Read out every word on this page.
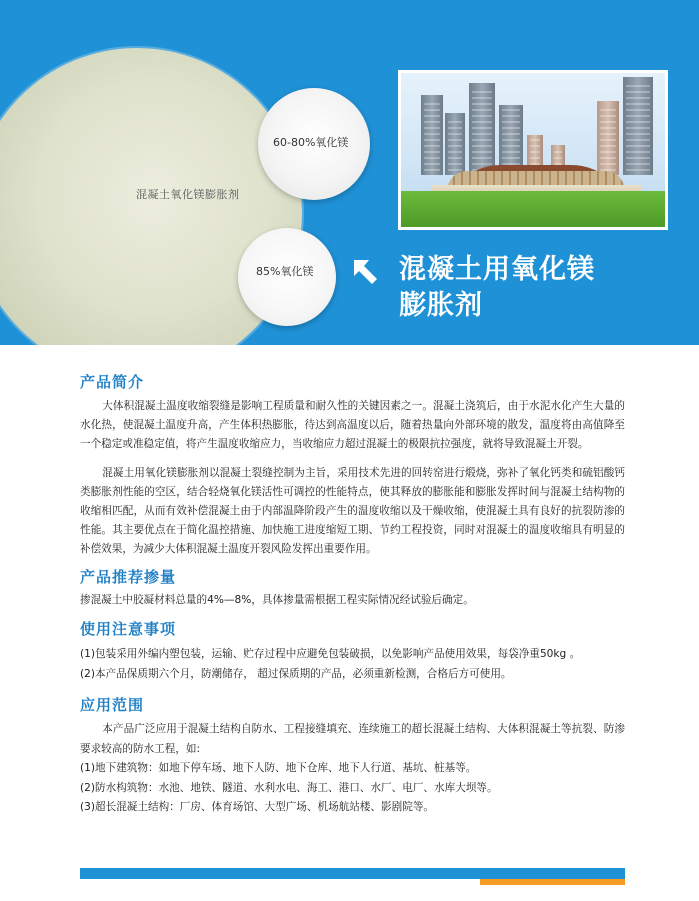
混凝土氧化镁膨胀剂
60-80%氧化镁
85%氧化镁	混凝土用氧化镁
膨胀剂
产品简介
大体积混凝土温度收缩裂缝是影响工程质量和耐久性的关键因素之一。混凝土浇筑后，由于水泥水化产生大量的水化热，使混凝土温度升高，产生体积热膨胀，待达到高温度以后，随着热量向外部环境的散发，温度将由高值降至一个稳定或准稳定值，将产生温度收缩应力，当收缩应力超过混凝土的极限抗拉强度，就将导致混凝土开裂。
混凝土用氧化镁膨胀剂以混凝土裂缝控制为主旨，采用技术先进的回转窑进行煅烧，弥补了氧化钙类和硫铝酸钙类膨胀剂性能的空区，结合轻烧氧化镁活性可调控的性能特点，使其释放的膨胀能和膨胀发挥时间与混凝土结构物的收缩相匹配，从而有效补偿混凝土由于内部温降阶段产生的温度收缩以及干燥收缩，使混凝土具有良好的抗裂防渗的性能。其主要优点在于简化温控措施、加快施工进度缩短工期、节约工程投资，同时对混凝土的温度收缩具有明显的补偿效果，为减少大体积混凝土温度开裂风险发挥出重要作用。
产品推荐掺量
掺混凝土中胶凝材料总量的4%—8%，具体掺量需根据工程实际情况经试验后确定。
使用注意事项
(1)包装采用外编内塑包装，运输、贮存过程中应避免包装破损，以免影响产品使用效果，每袋净重50kg 。
(2)本产品保质期六个月，防潮储存， 超过保质期的产品，必须重新检测，合格后方可使用。
应用范围
本产品广泛应用于混凝土结构自防水、工程接缝填充、连续施工的超长混凝土结构、大体积混凝土等抗裂、防渗要求较高的防水工程，如:
(1)地下建筑物：如地下停车场、地下人防、地下仓库、地下人行道、基坑、桩基等。
(2)防水构筑物：水池、地铁、隧道、水利水电、海工、港口、水厂、电厂、水库大坝等。
(3)超长混凝土结构：厂房、体育场馆、大型广场、机场航站楼、影剧院等。
